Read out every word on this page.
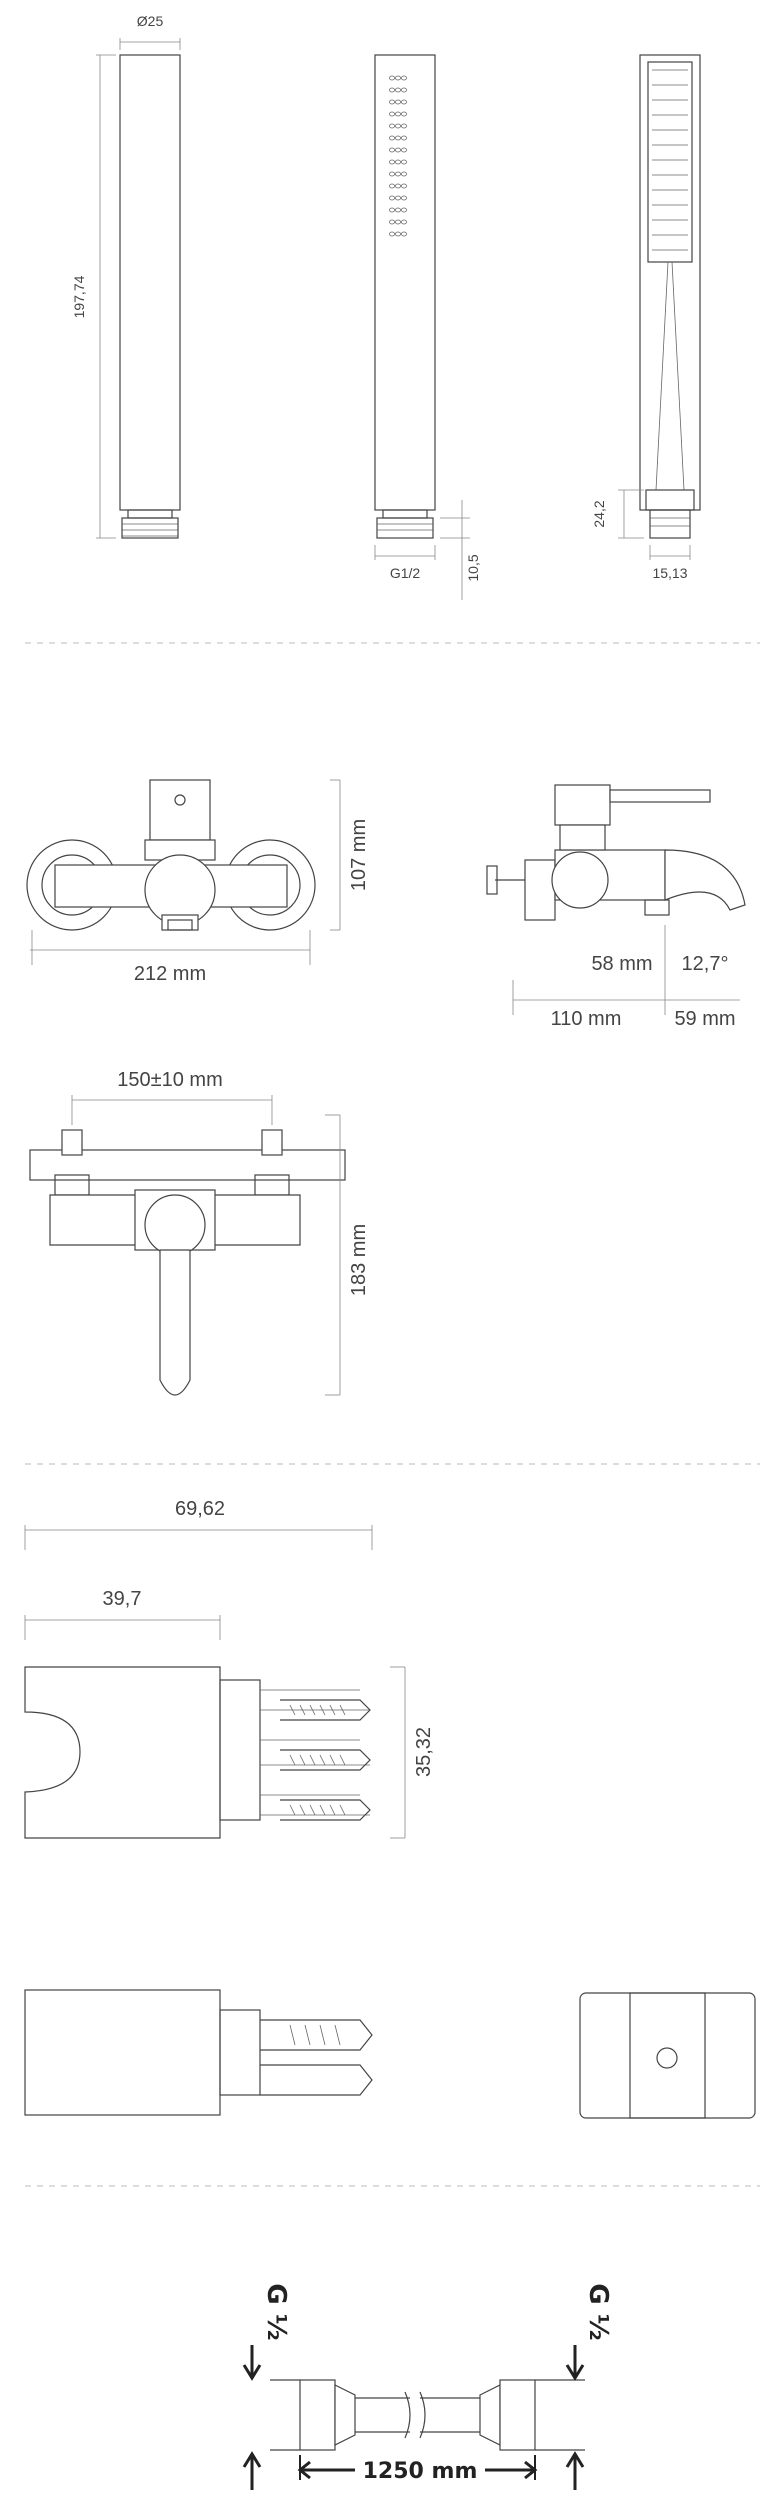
Ø25
197,74
G1/2	10,5
24,2
15,13
212 mm
107 mm
58 mm 12,7°
110 mm	59 mm
150±10 mm
183 mm
69,62
39,7
35,32
G ½	G ½
1250 mm
